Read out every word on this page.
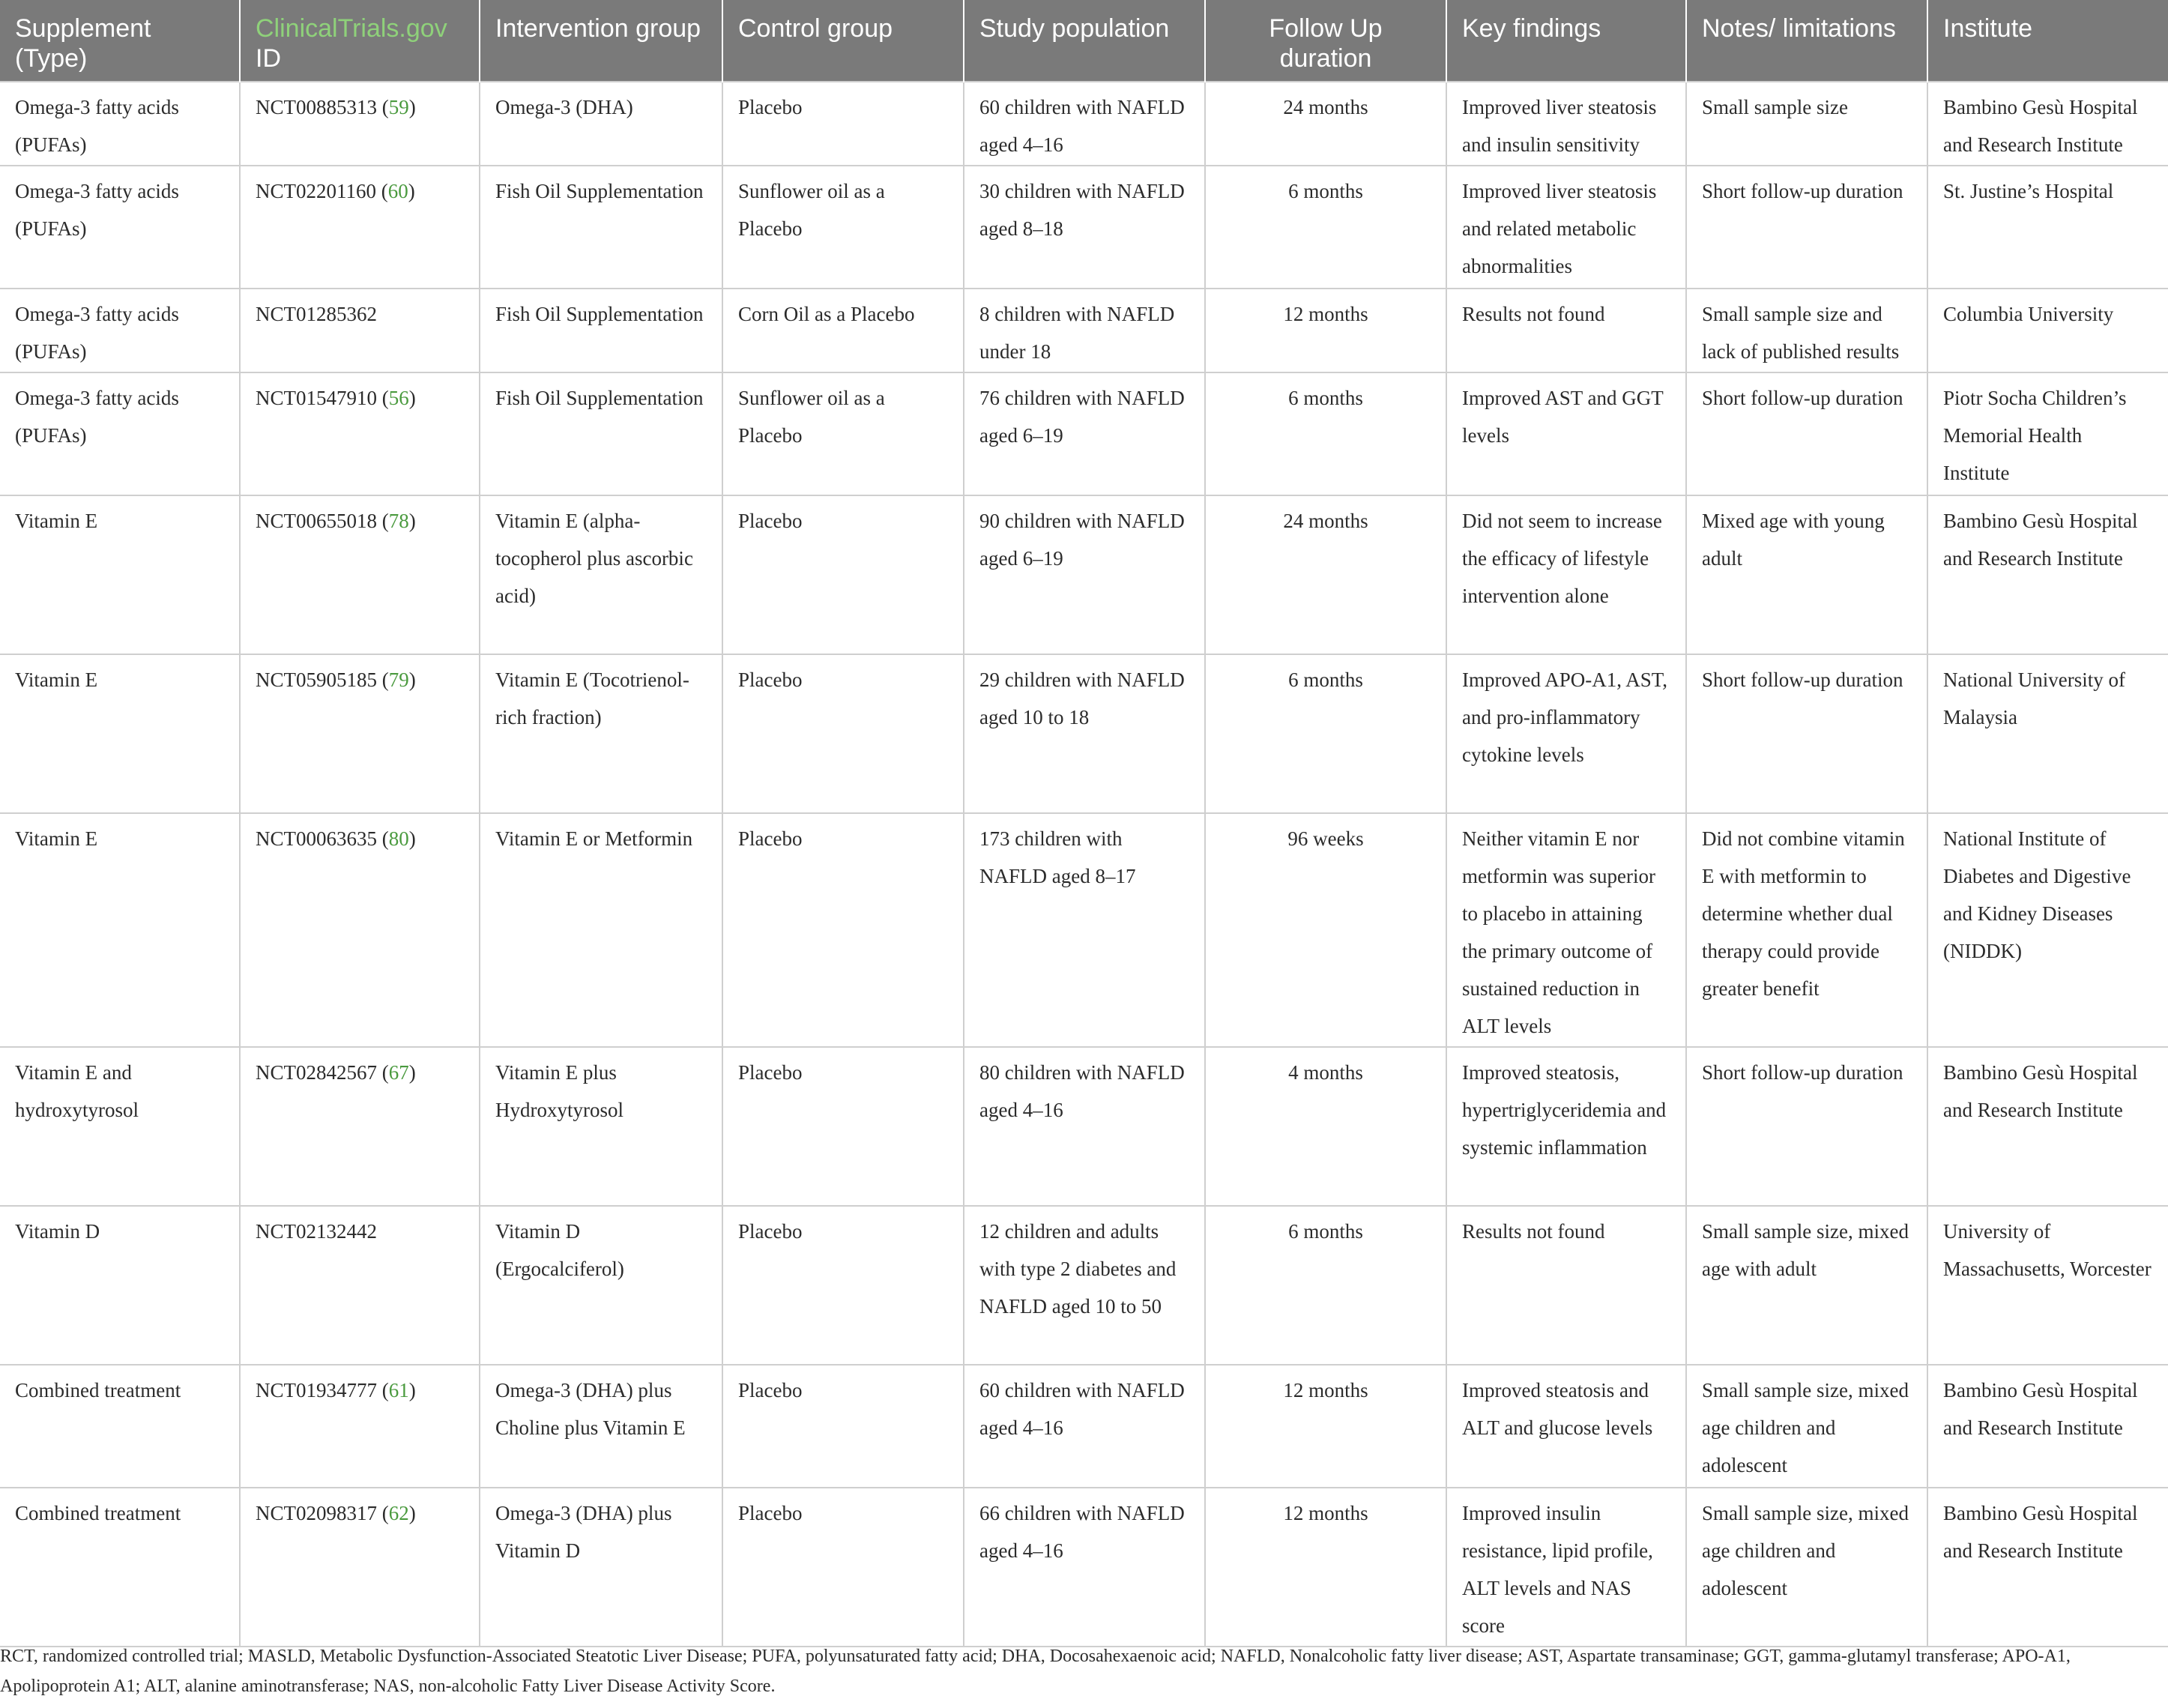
Supplement (Type)	ClinicalTrials.gov ID	Intervention group	Control group	Study population	Follow Up duration	Key findings	Notes/ limitations	Institute
Omega-3 fatty acids (PUFAs)	NCT00885313 (59)	Omega-3 (DHA)	Placebo	60 children with NAFLD aged 4–16	24 months	Improved liver steatosis and insulin sensitivity	Small sample size	Bambino Gesù Hospital and Research Institute
Omega-3 fatty acids (PUFAs)	NCT02201160 (60)	Fish Oil Supplementation	Sunflower oil as a Placebo	30 children with NAFLD aged 8–18	6 months	Improved liver steatosis and related metabolic abnormalities	Short follow-up duration	St. Justine’s Hospital
Omega-3 fatty acids (PUFAs)	NCT01285362	Fish Oil Supplementation	Corn Oil as a Placebo	8 children with NAFLD under 18	12 months	Results not found	Small sample size and lack of published results	Columbia University
Omega-3 fatty acids (PUFAs)	NCT01547910 (56)	Fish Oil Supplementation	Sunflower oil as a Placebo	76 children with NAFLD aged 6–19	6 months	Improved AST and GGT levels	Short follow-up duration	Piotr Socha Children’s Memorial Health Institute
Vitamin E	NCT00655018 (78)	Vitamin E (alpha-tocopherol plus ascorbic acid)	Placebo	90 children with NAFLD aged 6–19	24 months	Did not seem to increase the efficacy of lifestyle intervention alone	Mixed age with young adult	Bambino Gesù Hospital and Research Institute
Vitamin E	NCT05905185 (79)	Vitamin E (Tocotrienol-rich fraction)	Placebo	29 children with NAFLD aged 10 to 18	6 months	Improved APO-A1, AST, and pro-inflammatory cytokine levels	Short follow-up duration	National University of Malaysia
Vitamin E	NCT00063635 (80)	Vitamin E or Metformin	Placebo	173 children with NAFLD aged 8–17	96 weeks	Neither vitamin E nor metformin was superior to placebo in attaining the primary outcome of sustained reduction in ALT levels	Did not combine vitamin E with metformin to determine whether dual therapy could provide greater benefit	National Institute of Diabetes and Digestive and Kidney Diseases (NIDDK)
Vitamin E and hydroxytyrosol	NCT02842567 (67)	Vitamin E plus Hydroxytyrosol	Placebo	80 children with NAFLD aged 4–16	4 months	Improved steatosis, hypertriglyceridemia and systemic inflammation	Short follow-up duration	Bambino Gesù Hospital and Research Institute
Vitamin D	NCT02132442	Vitamin D (Ergocalciferol)	Placebo	12 children and adults with type 2 diabetes and NAFLD aged 10 to 50	6 months	Results not found	Small sample size, mixed age with adult	University of Massachusetts, Worcester
Combined treatment	NCT01934777 (61)	Omega-3 (DHA) plus Choline plus Vitamin E	Placebo	60 children with NAFLD aged 4–16	12 months	Improved steatosis and ALT and glucose levels	Small sample size, mixed age children and adolescent	Bambino Gesù Hospital and Research Institute
Combined treatment	NCT02098317 (62)	Omega-3 (DHA) plus Vitamin D	Placebo	66 children with NAFLD aged 4–16	12 months	Improved insulin resistance, lipid profile, ALT levels and NAS score	Small sample size, mixed age children and adolescent	Bambino Gesù Hospital and Research Institute
RCT, randomized controlled trial; MASLD, Metabolic Dysfunction-Associated Steatotic Liver Disease; PUFA, polyunsaturated fatty acid; DHA, Docosahexaenoic acid; NAFLD, Nonalcoholic fatty liver disease; AST, Aspartate transaminase; GGT, gamma-glutamyl transferase; APO-A1, Apolipoprotein A1; ALT, alanine aminotransferase; NAS, non-alcoholic Fatty Liver Disease Activity Score.
